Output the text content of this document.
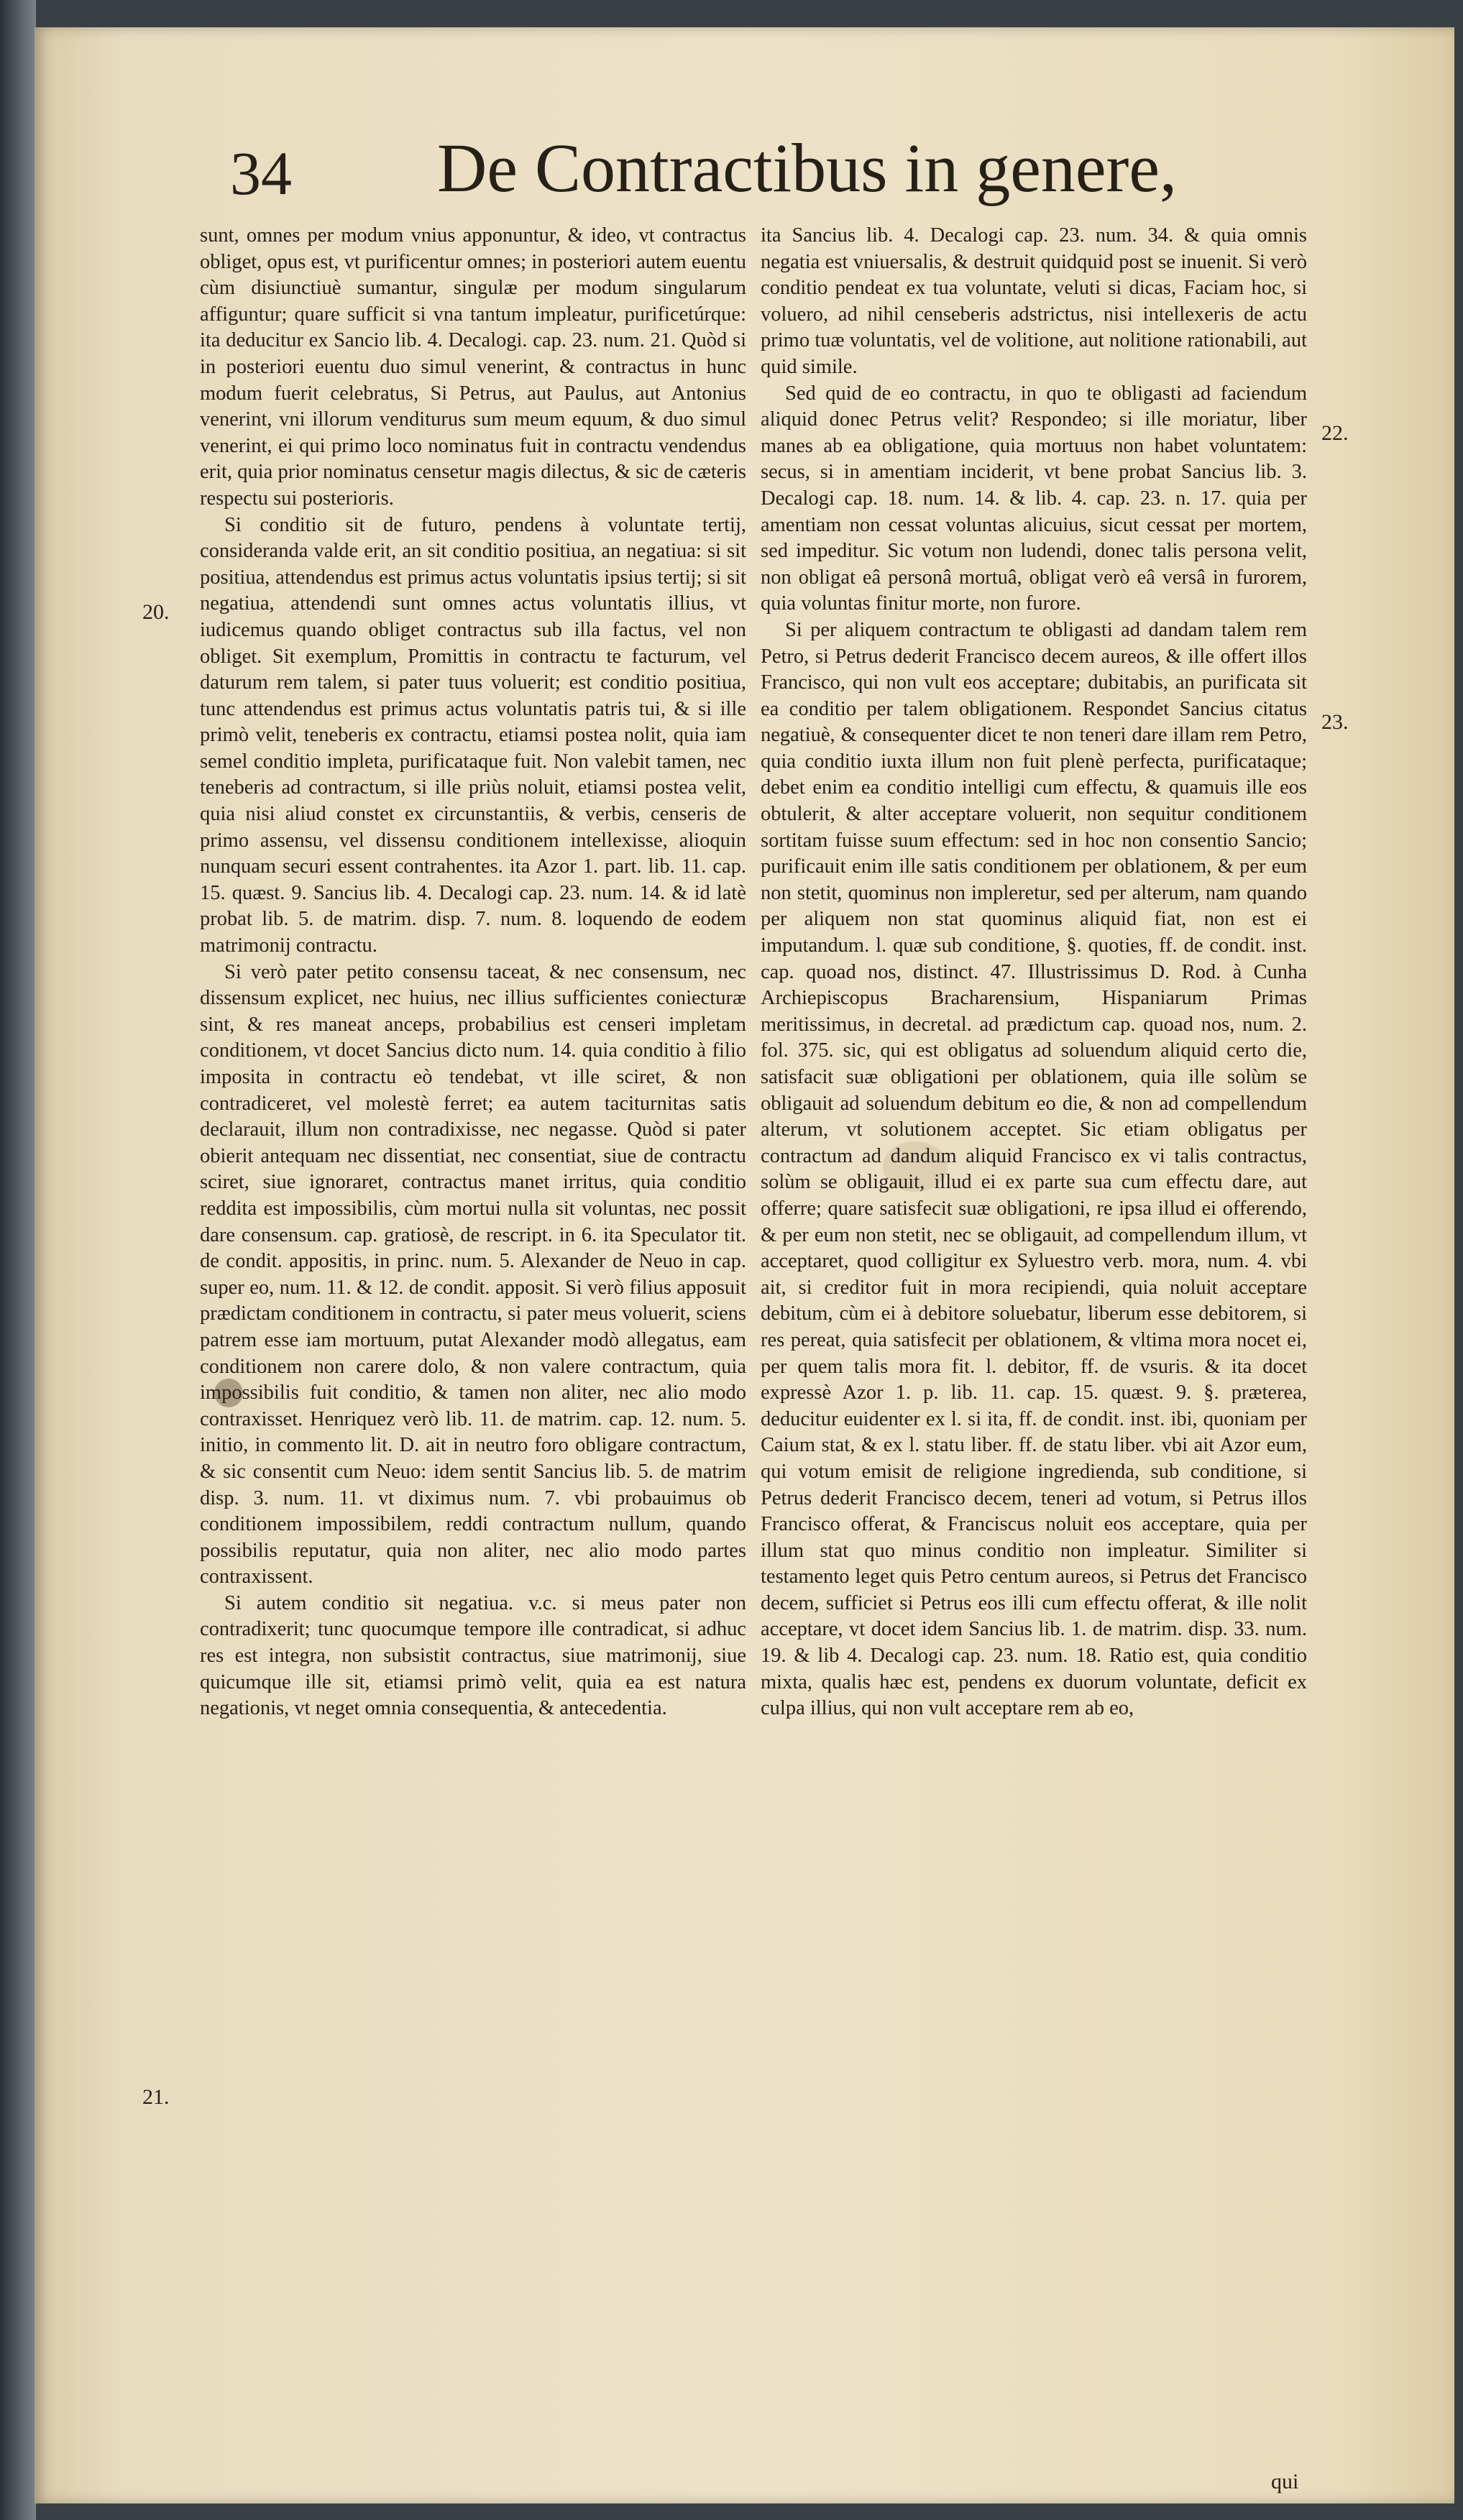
34 De Contractibus in genere,
20.
21.
22.
23.

sunt, omnes per modum vnius apponuntur, & ideo, vt contractus obliget, opus est, vt purificentur omnes; in posteriori autem euentu cùm disiunctiuè sumantur, singulæ per modum singularum affiguntur; quare sufficit si vna tantum impleatur, purificetúrque: ita deducitur ex Sancio lib. 4. Decalogi. cap. 23. num. 21. Quòd si in posteriori euentu duo simul venerint, & contractus in hunc modum fuerit celebratus, Si Petrus, aut Paulus, aut Antonius venerint, vni illorum venditurus sum meum equum, & duo simul venerint, ei qui primo loco nominatus fuit in contractu vendendus erit, quia prior nominatus censetur magis dilectus, & sic de cæteris respectu sui posterioris.

Si conditio sit de futuro, pendens à voluntate tertij, consideranda valde erit, an sit conditio positiua, an negatiua: si sit positiua, attendendus est primus actus voluntatis ipsius tertij; si sit negatiua, attendendi sunt omnes actus voluntatis illius, vt iudicemus quando obliget contractus sub illa factus, vel non obliget. Sit exemplum, Promittis in contractu te facturum, vel daturum rem talem, si pater tuus voluerit; est conditio positiua, tunc attendendus est primus actus voluntatis patris tui, & si ille primò velit, teneberis ex contractu, etiamsi postea nolit, quia iam semel conditio impleta, purificataque fuit. Non valebit tamen, nec teneberis ad contractum, si ille priùs noluit, etiamsi postea velit, quia nisi aliud constet ex circunstantiis, & verbis, censeris de primo assensu, vel dissensu conditionem intellexisse, alioquin nunquam securi essent contrahentes. ita Azor 1. part. lib. 11. cap. 15. quæst. 9. Sancius lib. 4. Decalogi cap. 23. num. 14. & id latè probat lib. 5. de matrim. disp. 7. num. 8. loquendo de eodem matrimonij contractu.

Si verò pater petito consensu taceat, & nec consensum, nec dissensum explicet, nec huius, nec illius sufficientes coniecturæ sint, & res maneat anceps, probabilius est censeri impletam conditionem, vt docet Sancius dicto num. 14. quia conditio à filio imposita in contractu eò tendebat, vt ille sciret, & non contradiceret, vel molestè ferret; ea autem taciturnitas satis declarauit, illum non contradixisse, nec negasse. Quòd si pater obierit antequam nec dissentiat, nec consentiat, siue de contractu sciret, siue ignoraret, contractus manet irritus, quia conditio reddita est impossibilis, cùm mortui nulla sit voluntas, nec possit dare consensum. cap. gratiosè, de rescript. in 6. ita Speculator tit. de condit. appositis, in princ. num. 5. Alexander de Neuo in cap. super eo, num. 11. & 12. de condit. apposit. Si verò filius apposuit prædictam conditionem in contractu, si pater meus voluerit, sciens patrem esse iam mortuum, putat Alexander modò allegatus, eam conditionem non carere dolo, & non valere contractum, quia impossibilis fuit conditio, & tamen non aliter, nec alio modo contraxisset. Henriquez verò lib. 11. de matrim. cap. 12. num. 5. initio, in commento lit. D. ait in neutro foro obligare contractum, & sic consentit cum Neuo: idem sentit Sancius lib. 5. de matrim disp. 3. num. 11. vt diximus num. 7. vbi probauimus ob conditionem impossibilem, reddi contractum nullum, quando possibilis reputatur, quia non aliter, nec alio modo partes contraxissent.

Si autem conditio sit negatiua. v.c. si meus pater non contradixerit; tunc quocumque tempore ille contradicat, si adhuc res est integra, non subsistit contractus, siue matrimonij, siue quicumque ille sit, etiamsi primò velit, quia ea est natura negationis, vt neget omnia consequentia, & antecedentia.

ita Sancius lib. 4. Decalogi cap. 23. num. 34. & quia omnis negatia est vniuersalis, & destruit quidquid post se inuenit. Si verò conditio pendeat ex tua voluntate, veluti si dicas, Faciam hoc, si voluero, ad nihil censeberis adstrictus, nisi intellexeris de actu primo tuæ voluntatis, vel de volitione, aut nolitione rationabili, aut quid simile.

Sed quid de eo contractu, in quo te obligasti ad faciendum aliquid donec Petrus velit? Respondeo; si ille moriatur, liber manes ab ea obligatione, quia mortuus non habet voluntatem: secus, si in amentiam inciderit, vt bene probat Sancius lib. 3. Decalogi cap. 18. num. 14. & lib. 4. cap. 23. n. 17. quia per amentiam non cessat voluntas alicuius, sicut cessat per mortem, sed impeditur. Sic votum non ludendi, donec talis persona velit, non obligat eâ personâ mortuâ, obligat verò eâ versâ in furorem, quia voluntas finitur morte, non furore.

Si per aliquem contractum te obligasti ad dandam talem rem Petro, si Petrus dederit Francisco decem aureos, & ille offert illos Francisco, qui non vult eos acceptare; dubitabis, an purificata sit ea conditio per talem obligationem. Respondet Sancius citatus negatiuè, & consequenter dicet te non teneri dare illam rem Petro, quia conditio iuxta illum non fuit plenè perfecta, purificataque; debet enim ea conditio intelligi cum effectu, & quamuis ille eos obtulerit, & alter acceptare voluerit, non sequitur conditionem sortitam fuisse suum effectum: sed in hoc non consentio Sancio; purificauit enim ille satis conditionem per oblationem, & per eum non stetit, quominus non impleretur, sed per alterum, nam quando per aliquem non stat quominus aliquid fiat, non est ei imputandum. l. quæ sub conditione, §. quoties, ff. de condit. inst. cap. quoad nos, distinct. 47. Illustrissimus D. Rod. à Cunha Archiepiscopus Bracharensium, Hispaniarum Primas meritissimus, in decretal. ad prædictum cap. quoad nos, num. 2. fol. 375. sic, qui est obligatus ad soluendum aliquid certo die, satisfacit suæ obligationi per oblationem, quia ille solùm se obligauit ad soluendum debitum eo die, & non ad compellendum alterum, vt solutionem acceptet. Sic etiam obligatus per contractum ad dandum aliquid Francisco ex vi talis contractus, solùm se obligauit, illud ei ex parte sua cum effectu dare, aut offerre; quare satisfecit suæ obligationi, re ipsa illud ei offerendo, & per eum non stetit, nec se obligauit, ad compellendum illum, vt acceptaret, quod colligitur ex Syluestro verb. mora, num. 4. vbi ait, si creditor fuit in mora recipiendi, quia noluit acceptare debitum, cùm ei à debitore soluebatur, liberum esse debitorem, si res pereat, quia satisfecit per oblationem, & vltima mora nocet ei, per quem talis mora fit. l. debitor, ff. de vsuris. & ita docet expressè Azor 1. p. lib. 11. cap. 15. quæst. 9. §. præterea, deducitur euidenter ex l. si ita, ff. de condit. inst. ibi, quoniam per Caium stat, & ex l. statu liber. ff. de statu liber. vbi ait Azor eum, qui votum emisit de religione ingredienda, sub conditione, si Petrus dederit Francisco decem, teneri ad votum, si Petrus illos Francisco offerat, & Franciscus noluit eos acceptare, quia per illum stat quo minus conditio non impleatur. Similiter si testamento leget quis Petro centum aureos, si Petrus det Francisco decem, sufficiet si Petrus eos illi cum effectu offerat, & ille nolit acceptare, vt docet idem Sancius lib. 1. de matrim. disp. 33. num. 19. & lib 4. Decalogi cap. 23. num. 18. Ratio est, quia conditio mixta, qualis hæc est, pendens ex duorum voluntate, deficit ex culpa illius, qui non vult acceptare rem ab eo,

qui
